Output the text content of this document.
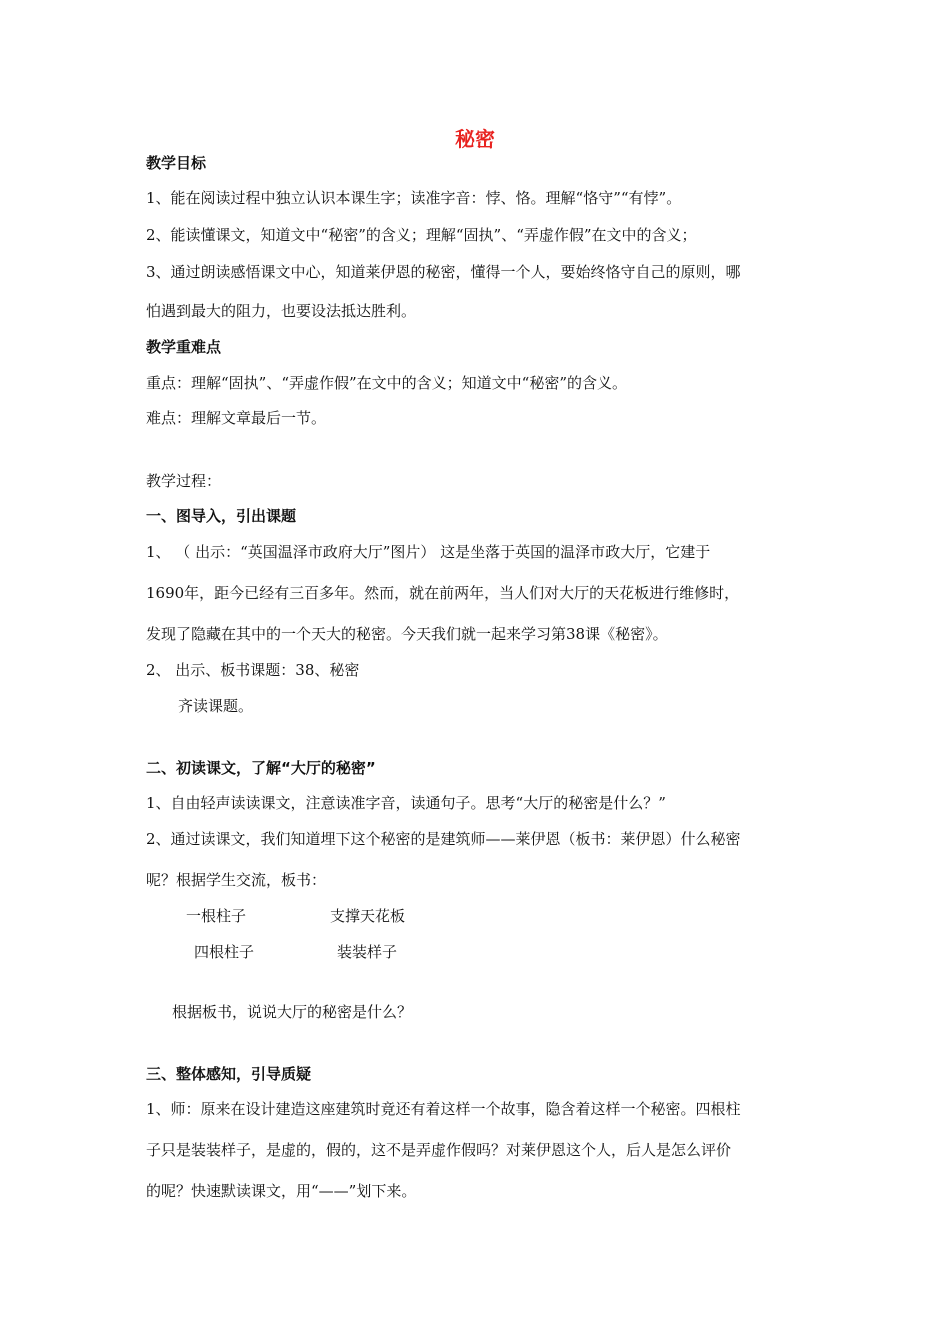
秘密
教学目标
1、能在阅读过程中独立认识本课生字；读准字音：悖、恪。理解“恪守”“有悖”。
2、能读懂课文，知道文中“秘密”的含义；理解“固执”、“弄虚作假”在文中的含义；
3、通过朗读感悟课文中心，知道莱伊恩的秘密，懂得一个人，要始终恪守自己的原则，哪
怕遇到最大的阻力，也要设法抵达胜利。
教学重难点
重点：理解“固执”、“弄虚作假”在文中的含义；知道文中“秘密”的含义。
难点：理解文章最后一节。
教学过程：
一、图导入，引出课题
1、 （ 出示：“英国温泽市政府大厅”图片） 这是坐落于英国的温泽市政大厅，它建于
1690年，距今已经有三百多年。然而，就在前两年，当人们对大厅的天花板进行维修时，
发现了隐藏在其中的一个天大的秘密。今天我们就一起来学习第38课《秘密》。
2、 出示、板书课题：38、秘密
齐读课题。
二、初读课文，了解“大厅的秘密”
1、自由轻声读读课文，注意读准字音，读通句子。思考“大厅的秘密是什么？”
2、通过读课文，我们知道埋下这个秘密的是建筑师——莱伊恩（板书：莱伊恩）什么秘密
呢？根据学生交流，板书：
一根柱子	支撑天花板
四根柱子	装装样子
根据板书，说说大厅的秘密是什么？
三、整体感知，引导质疑
1、师：原来在设计建造这座建筑时竟还有着这样一个故事，隐含着这样一个秘密。四根柱
子只是装装样子，是虚的，假的，这不是弄虚作假吗？对莱伊恩这个人，后人是怎么评价
的呢？快速默读课文，用“——”划下来。
